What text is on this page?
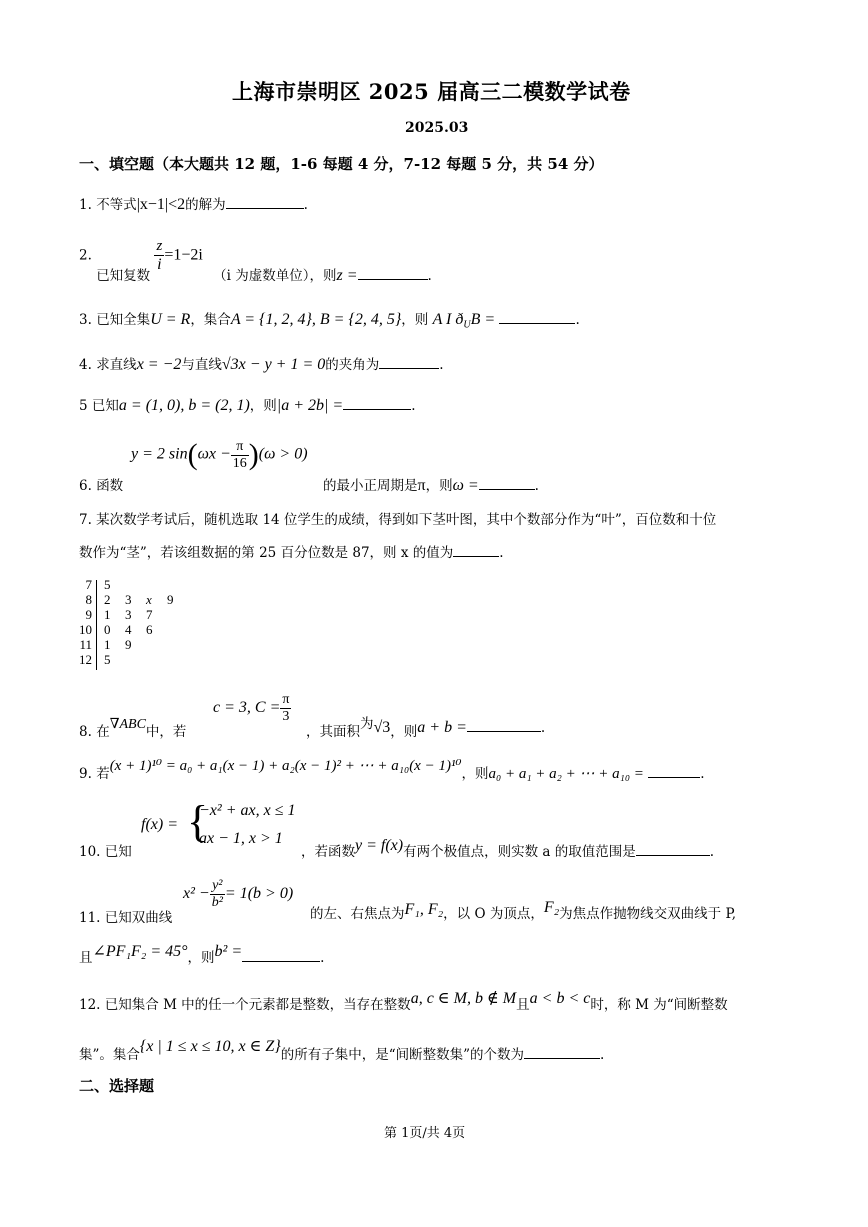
上海市崇明区 2025 届高三二模数学试卷
2025.03
一、填空题（本大题共 12 题，1-6 每题 4 分，7-12 每题 5 分，共 54 分）
1. 不等式|x−1|<2的解为	.
2. 已知复数
$\frac{z}{i} =1-2i$ （i 为虚数单位），则z =	.
3. 已知全集U = R，集合A = {1, 2, 4}, B = {2, 4, 5}，则 A Ι $ð_UB$ =	.
4. 求直线x = −2与直线√3x − y + 1 = 0的夹角为	.
5 已知a = (1, 0), b = (2, 1)，则|a + 2b| =	.
6. 函数
y = 2 $\sin(\omega x - \frac{\pi}{16} )(\omega > 0)$
的最小正周期是π，则ω =	.
7. 某次数学考试后，随机选取 14 位学生的成绩，得到如下茎叶图，其中个数部分作为“叶”，百位数和十位
数作为“茎”，若该组数据的第 25 百分位数是 87，则 x 的值为	.
7 5
8 2 3 x 9
9 1 3 7
10 0 4 6
11 1 9
12 5
8. 在∇ABC中，若
c = 3, $C = \frac{\pi}{3}$
，其面积为√3，则a + b =	.
9. 若(x + 1)¹⁰ = a₀ + a₁(x − 1) + a₂(x − 1)² + ⋯ + a₁₀(x − 1)¹⁰，则a₀ + a₁ + a₂ + ⋯ + a₁₀ =	.
10. 已知
f(x) = {
−x² + ax, x ≤ 1
ax − 1, x > 1
，若函数y = f(x)有两个极值点，则实数 a 的取值范围是	.
11. 已知双曲线
$x^2 - \frac{\text{y²}}{\text{b²}} = 1(b > 0)$
的左、右焦点为F₁, F₂，以 O 为顶点，F₂为焦点作抛物线交双曲线于 P,
且∠PF₁F₂ = 45°，则b² =	.
12. 已知集合 M 中的任一个元素都是整数，当存在整数a, c ∈ M, b ∉ M且a < b < c时，称 M 为“间断整数
集”。集合{x | 1 ≤ x ≤ 10, x ∈ Z}的所有子集中，是“间断整数集”的个数为	.
二、选择题
第 1页/共 4页
